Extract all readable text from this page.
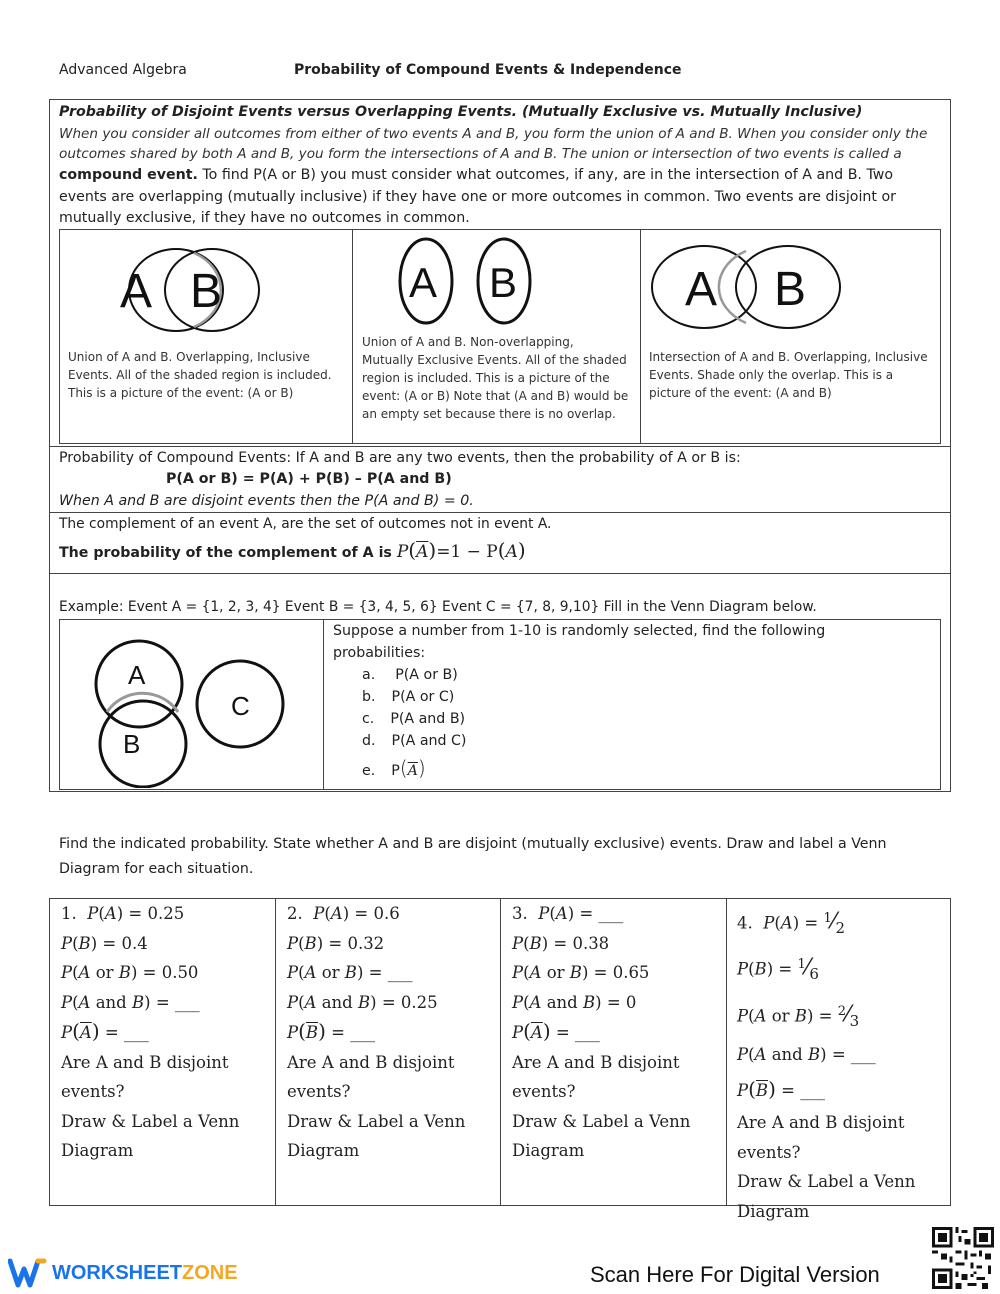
Advanced Algebra	Probability of Compound Events & Independence
Probability of Disjoint Events versus Overlapping Events. (Mutually Exclusive vs. Mutually Inclusive)
When you consider all outcomes from either of two events A and B, you form the union of A and B. When you consider only the
outcomes shared by both A and B, you form the intersections of A and B. The union or intersection of two events is called a
compound event. To find P(A or B) you must consider what outcomes, if any, are in the intersection of A and B. Two
events are overlapping (mutually inclusive) if they have one or more outcomes in common. Two events are disjoint or
mutually exclusive, if they have no outcomes in common.
A B
Union of A and B. Overlapping, Inclusive
Events. All of the shaded region is included.
This is a picture of the event: (A or B)
A B
Union of A and B. Non-overlapping,
Mutually Exclusive Events. All of the shaded
region is included. This is a picture of the
event: (A or B) Note that (A and B) would be
an empty set because there is no overlap.
A B
Intersection of A and B. Overlapping, Inclusive
Events. Shade only the overlap. This is a
picture of the event: (A and B)
Probability of Compound Events: If A and B are any two events, then the probability of A or B is:
P(A or B) = P(A) + P(B) – P(A and B)
When A and B are disjoint events then the P(A and B) = 0.
The complement of an event A, are the set of outcomes not in event A.
The probability of the complement of A is $P(\overline{A})=1 - P(A)$
Example: Event A = {1, 2, 3, 4} Event B = {3, 4, 5, 6} Event C = {7, 8, 9,10} Fill in the Venn Diagram below.
A
B
C
Suppose a number from 1-10 is randomly selected, find the following
probabilities:
a. P(A or B)
b. P(A or C)
c. P(A and B)
d. P(A and C)
e. $P(\overline{A})$
Find the indicated probability. State whether A and B are disjoint (mutually exclusive) events. Draw and label a Venn
Diagram for each situation.
1. P(A) = 0.25
P(B) = 0.4
P(A or B) = 0.50
P(A and B) = ___
$P(\overline{A})$ = ___
Are A and B disjoint
events?
Draw & Label a Venn
Diagram
2. P(A) = 0.6
P(B) = 0.32
P(A or B) = ___
P(A and B) = 0.25
$P(\overline{B})$ = ___
Are A and B disjoint
events?
Draw & Label a Venn
Diagram
3. P(A) = ___
P(B) = 0.38
P(A or B) = 0.65
P(A and B) = 0
$P(\overline{A})$ = ___
Are A and B disjoint
events?
Draw & Label a Venn
Diagram
4. $P(A) = ^1⁄_2$
$P(B) = ^1⁄_6$
P(A or $B) = ^2⁄_3$
P(A and B) = ___
$P(\overline{B})$ = ___
Are A and B disjoint
events?
Draw & Label a Venn
Diagram
WORKSHEET ZONE	Scan Here For Digital Version
